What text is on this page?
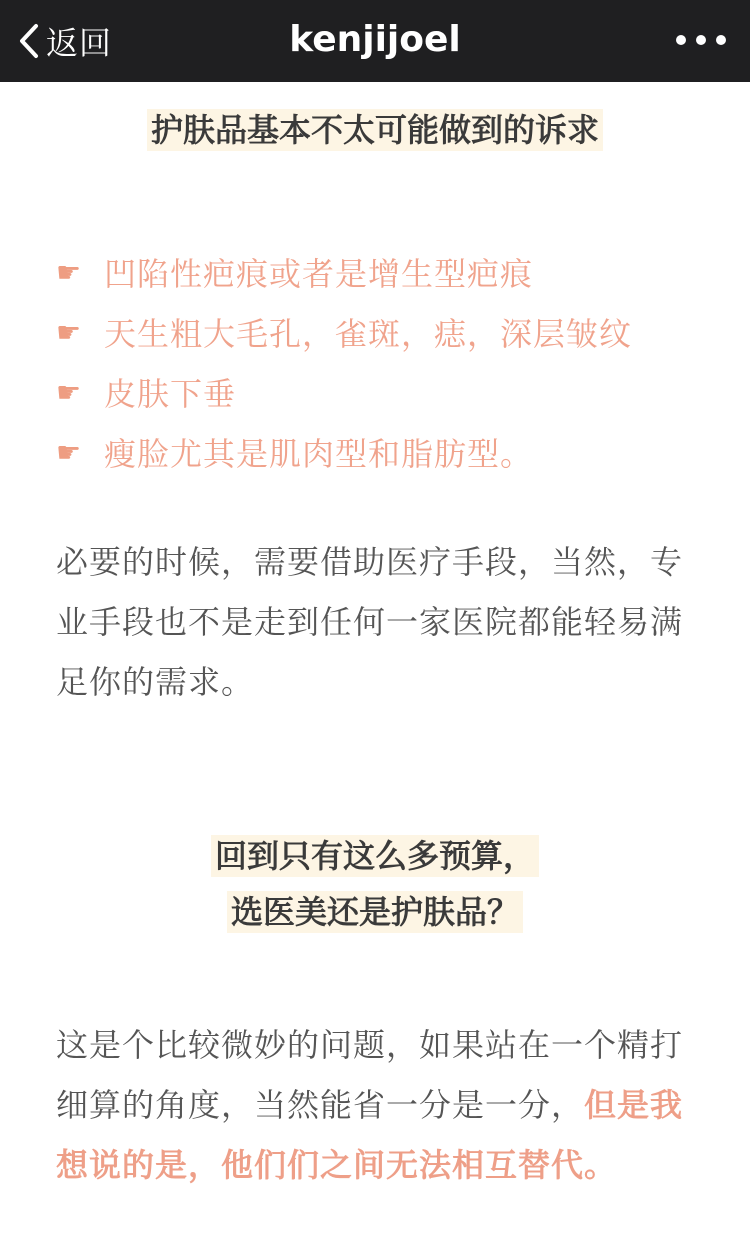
返回	kenjijoel
护肤品基本不太可能做到的诉求
☛ 凹陷性疤痕或者是增生型疤痕
☛ 天生粗大毛孔，雀斑，痣，深层皱纹
☛ 皮肤下垂
☛ 瘦脸尤其是肌肉型和脂肪型。

必要的时候，需要借助医疗手段，当然，专业手段也不是走到任何一家医院都能轻易满足你的需求。

回到只有这么多预算，
选医美还是护肤品？

这是个比较微妙的问题，如果站在一个精打细算的角度，当然能省一分是一分，但是我想说的是，他们们之间无法相互替代。
